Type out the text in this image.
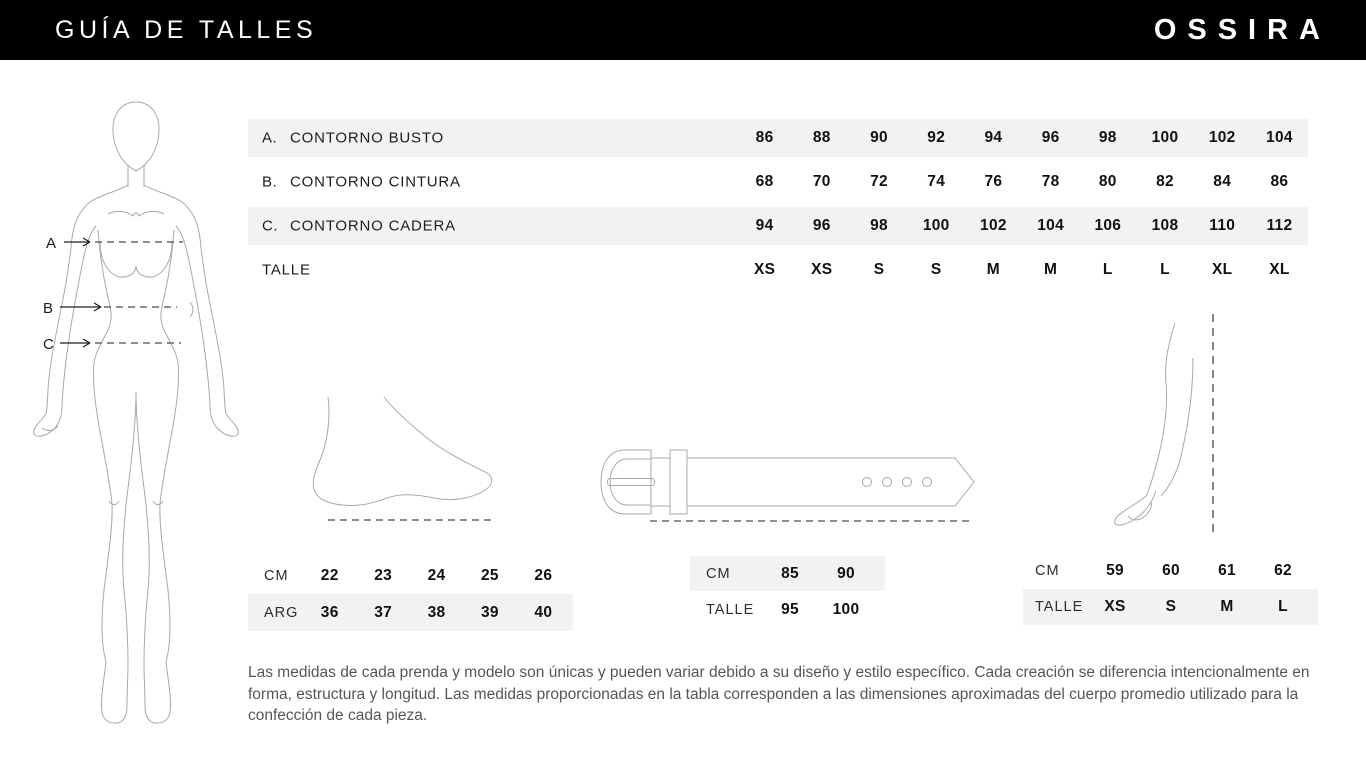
GUÍA DE TALLES	OSSIRA
A
B
C
A. CONTORNO BUSTO	86	88	90	92	94	96	98	100	102	104
B. CONTORNO CINTURA	68	70	72	74	76	78	80	82	84	86
C. CONTORNO CADERA	94	96	98	100	102	104	106	108	110	112
TALLE	XS	XS	S	S	M	M	L	L	XL	XL
CM	22	23	24	25	26
ARG	36	37	38	39	40
CM	85	90
TALLE	95	100
CM	59	60	61	62
TALLE	XS	S	M	L
Las medidas de cada prenda y modelo son únicas y pueden variar debido a su diseño y estilo específico. Cada creación se diferencia intencionalmente en forma, estructura y longitud. Las medidas proporcionadas en la tabla corresponden a las dimensiones aproximadas del cuerpo promedio utilizado para la confección de cada pieza.
